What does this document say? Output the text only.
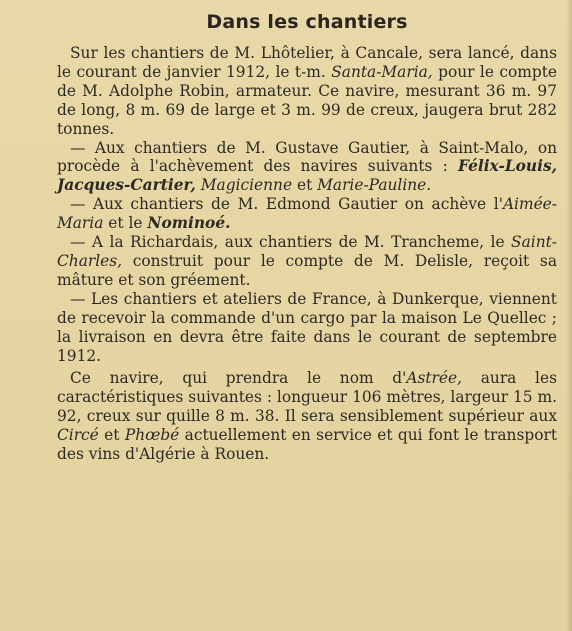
Dans les chantiers

Sur les chantiers de M. Lhôtelier, à Cancale, sera lancé, dans le courant de janvier 1912, le t-m. Santa-Maria, pour le compte de M. Adolphe Robin, armateur. Ce navire, mesurant 36 m. 97 de long, 8 m. 69 de large et 3 m. 99 de creux, jaugera brut 282 tonnes.

— Aux chantiers de M. Gustave Gautier, à Saint-Malo, on procède à l'achèvement des navires suivants : Félix-Louis, Jacques-Cartier, Magicienne et Marie-Pauline.

— Aux chantiers de M. Edmond Gautier on achève l'Aimée-Maria et le Nominoé.

— A la Richardais, aux chantiers de M. Trancheme, le Saint-Charles, construit pour le compte de M. Delisle, reçoit sa mâture et son gréement.

— Les chantiers et ateliers de France, à Dunkerque, viennent de recevoir la commande d'un cargo par la maison Le Quellec ; la livraison en devra être faite dans le courant de septembre 1912.

Ce navire, qui prendra le nom d'Astrée, aura les caractéristiques suivantes : longueur 106 mètres, largeur 15 m. 92, creux sur quille 8 m. 38. Il sera sensiblement supérieur aux Circé et Phœbé actuellement en service et qui font le transport des vins d'Algérie à Rouen.
